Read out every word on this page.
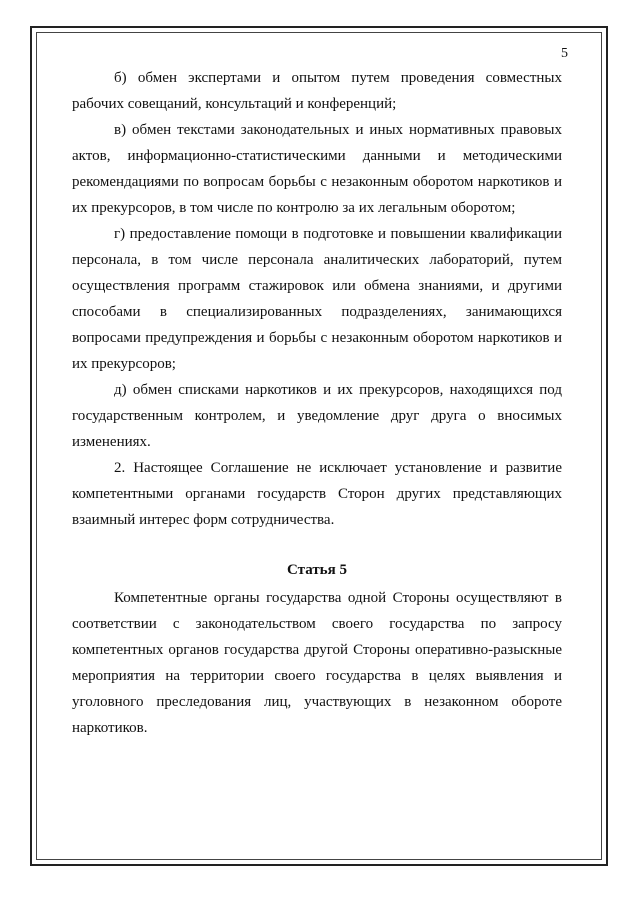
5

б) обмен экспертами и опытом путем проведения совместных рабочих совещаний, консультаций и конференций;

в) обмен текстами законодательных и иных нормативных правовых актов, информационно-статистическими данными и методическими рекомендациями по вопросам борьбы с незаконным оборотом наркотиков и их прекурсоров, в том числе по контролю за их легальным оборотом;

г) предоставление помощи в подготовке и повышении квалификации персонала, в том числе персонала аналитических лабораторий, путем осуществления программ стажировок или обмена знаниями, и другими способами в специализированных подразделениях, занимающихся вопросами предупреждения и борьбы с незаконным оборотом наркотиков и их прекурсоров;

д) обмен списками наркотиков и их прекурсоров, находящихся под государственным контролем, и уведомление друг друга о вносимых изменениях.

2. Настоящее Соглашение не исключает установление и развитие компетентными органами государств Сторон других представляющих взаимный интерес форм сотрудничества.

Статья 5

Компетентные органы государства одной Стороны осуществляют в соответствии с законодательством своего государства по запросу компетентных органов государства другой Стороны оперативно-разыскные мероприятия на территории своего государства в целях выявления и уголовного преследования лиц, участвующих в незаконном обороте наркотиков.
